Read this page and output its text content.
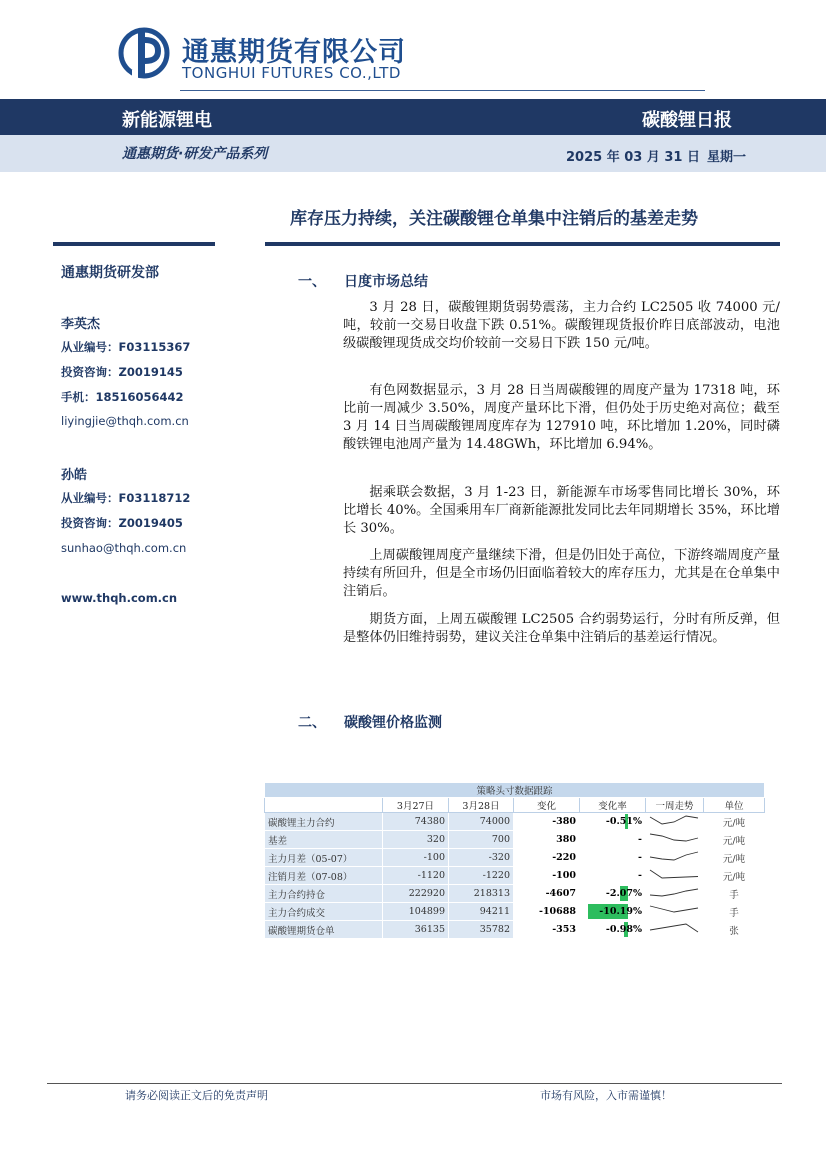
通惠期货有限公司
TONGHUI FUTURES CO.,LTD
新能源锂电	碳酸锂日报
通惠期货·研发产品系列	2025 年 03 月 31 日 星期一
库存压力持续，关注碳酸锂仓单集中注销后的基差走势
通惠期货研发部
李英杰
从业编号：F03115367
投资咨询：Z0019145
手机：18516056442
liyingjie@thqh.com.cn
孙皓
从业编号：F03118712
投资咨询：Z0019405
sunhao@thqh.com.cn
www.thqh.com.cn
一、 日度市场总结

3 月 28 日，碳酸锂期货弱势震荡，主力合约 LC2505 收 74000 元/吨，较前一交易日收盘下跌 0.51%。碳酸锂现货报价昨日底部波动，电池级碳酸锂现货成交均价较前一交易日下跌 150 元/吨。

有色网数据显示，3 月 28 日当周碳酸锂的周度产量为 17318 吨，环比前一周减少 3.50%，周度产量环比下滑，但仍处于历史绝对高位；截至 3 月 14 日当周碳酸锂周度库存为 127910 吨，环比增加 1.20%，同时磷酸铁锂电池周产量为 14.48GWh，环比增加 6.94%。

据乘联会数据，3 月 1-23 日，新能源车市场零售同比增长 30%，环比增长 40%。全国乘用车厂商新能源批发同比去年同期增长 35%，环比增长 30%。

上周碳酸锂周度产量继续下滑，但是仍旧处于高位，下游终端周度产量持续有所回升，但是全市场仍旧面临着较大的库存压力，尤其是在仓单集中注销后。

期货方面，上周五碳酸锂 LC2505 合约弱势运行，分时有所反弹，但是整体仍旧维持弱势，建议关注仓单集中注销后的基差运行情况。

二、 碳酸锂价格监测
策略头寸数据跟踪						
	3月27日	3月28日	变化	变化率	一周走势	单位
碳酸锂主力合约	74380	74000	-380	-0.51%		元/吨
基差	320	700	380	-		元/吨
主力月差（05-07）	-100	-320	-220	-		元/吨
注销月差（07-08）	-1120	-1220	-100	-		元/吨
主力合约持仓	222920	218313	-4607	-2.07%		手
主力合约成交	104899	94211	-10688	-10.19%		手
碳酸锂期货仓单	36135	35782	-353	-0.98%		张
请务必阅读正文后的免责声明	市场有风险，入市需谨慎！
